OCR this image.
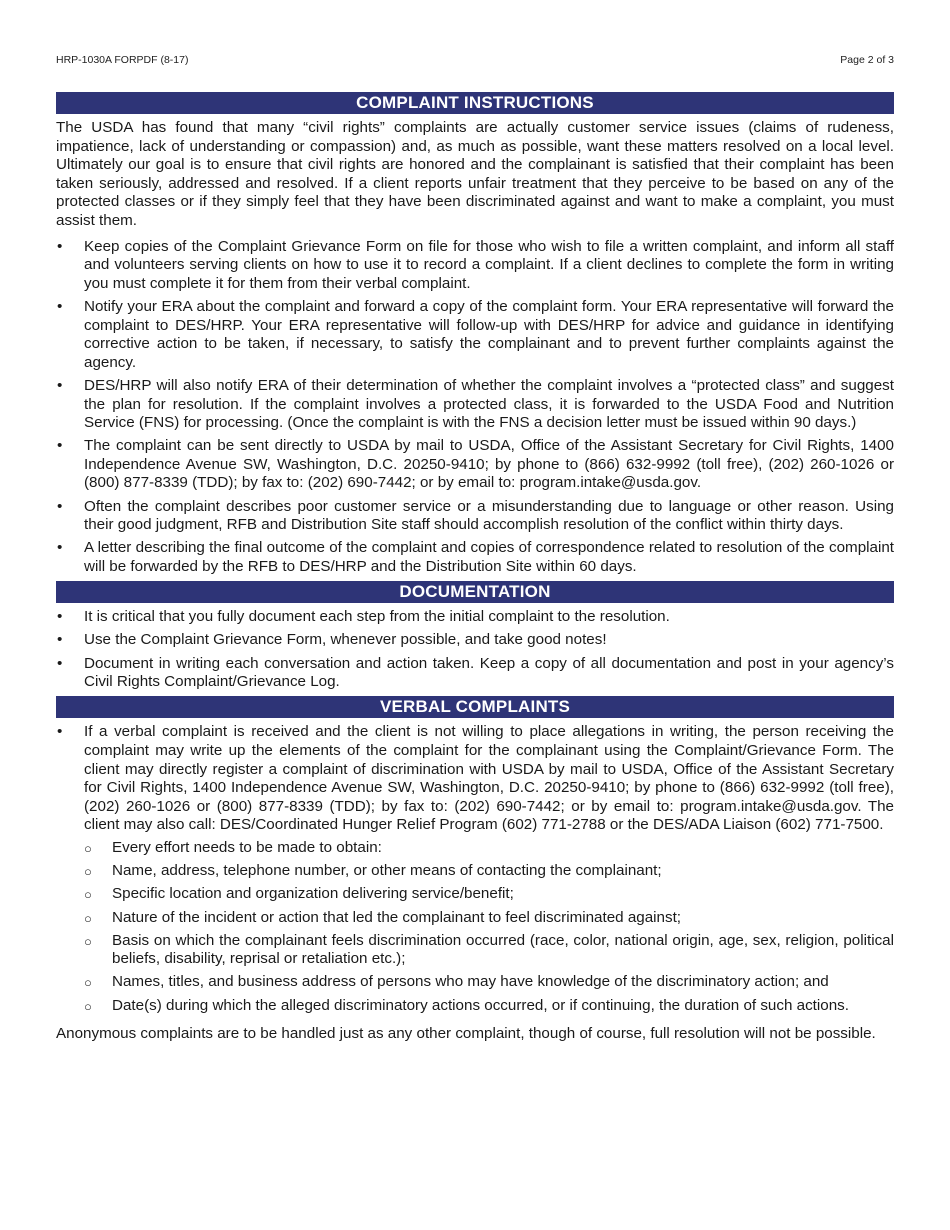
HRP-1030A FORPDF (8-17)	Page 2 of 3
COMPLAINT INSTRUCTIONS

The USDA has found that many “civil rights” complaints are actually customer service issues (claims of rudeness, impatience, lack of understanding or compassion) and, as much as possible, want these matters resolved on a local level. Ultimately our goal is to ensure that civil rights are honored and the complainant is satisfied that their complaint has been taken seriously, addressed and resolved. If a client reports unfair treatment that they perceive to be based on any of the protected classes or if they simply feel that they have been discriminated against and want to make a complaint, you must assist them.

• Keep copies of the Complaint Grievance Form on file for those who wish to file a written complaint, and inform all staff and volunteers serving clients on how to use it to record a complaint. If a client declines to complete the form in writing you must complete it for them from their verbal complaint.
• Notify your ERA about the complaint and forward a copy of the complaint form. Your ERA representative will forward the complaint to DES/HRP. Your ERA representative will follow-up with DES/HRP for advice and guidance in identifying corrective action to be taken, if necessary, to satisfy the complainant and to prevent further complaints against the agency.
• DES/HRP will also notify ERA of their determination of whether the complaint involves a “protected class” and suggest the plan for resolution. If the complaint involves a protected class, it is forwarded to the USDA Food and Nutrition Service (FNS) for processing. (Once the complaint is with the FNS a decision letter must be issued within 90 days.)
• The complaint can be sent directly to USDA by mail to USDA, Office of the Assistant Secretary for Civil Rights, 1400 Independence Avenue SW, Washington, D.C. 20250-9410; by phone to (866) 632-9992 (toll free), (202) 260-1026 or (800) 877-8339 (TDD); by fax to: (202) 690-7442; or by email to: program.intake@usda.gov.
• Often the complaint describes poor customer service or a misunderstanding due to language or other reason. Using their good judgment, RFB and Distribution Site staff should accomplish resolution of the conflict within thirty days.
• A letter describing the final outcome of the complaint and copies of correspondence related to resolution of the complaint will be forwarded by the RFB to DES/HRP and the Distribution Site within 60 days.
DOCUMENTATION
• It is critical that you fully document each step from the initial complaint to the resolution.
• Use the Complaint Grievance Form, whenever possible, and take good notes!
• Document in writing each conversation and action taken. Keep a copy of all documentation and post in your agency’s Civil Rights Complaint/Grievance Log.
VERBAL COMPLAINTS
• If a verbal complaint is received and the client is not willing to place allegations in writing, the person receiving the complaint may write up the elements of the complaint for the complainant using the Complaint/Grievance Form. The client may directly register a complaint of discrimination with USDA by mail to USDA, Office of the Assistant Secretary for Civil Rights, 1400 Independence Avenue SW, Washington, D.C. 20250-9410; by phone to (866) 632-9992 (toll free), (202) 260-1026 or (800) 877-8339 (TDD); by fax to: (202) 690-7442; or by email to: program.intake@usda.gov. The client may also call: DES/Coordinated Hunger Relief Program (602) 771-2788 or the DES/ADA Liaison (602) 771-7500.
○ Every effort needs to be made to obtain:
○ Name, address, telephone number, or other means of contacting the complainant;
○ Specific location and organization delivering service/benefit;
○ Nature of the incident or action that led the complainant to feel discriminated against;
○ Basis on which the complainant feels discrimination occurred (race, color, national origin, age, sex, religion, political beliefs, disability, reprisal or retaliation etc.);
○ Names, titles, and business address of persons who may have knowledge of the discriminatory action; and
○ Date(s) during which the alleged discriminatory actions occurred, or if continuing, the duration of such actions.

Anonymous complaints are to be handled just as any other complaint, though of course, full resolution will not be possible.
